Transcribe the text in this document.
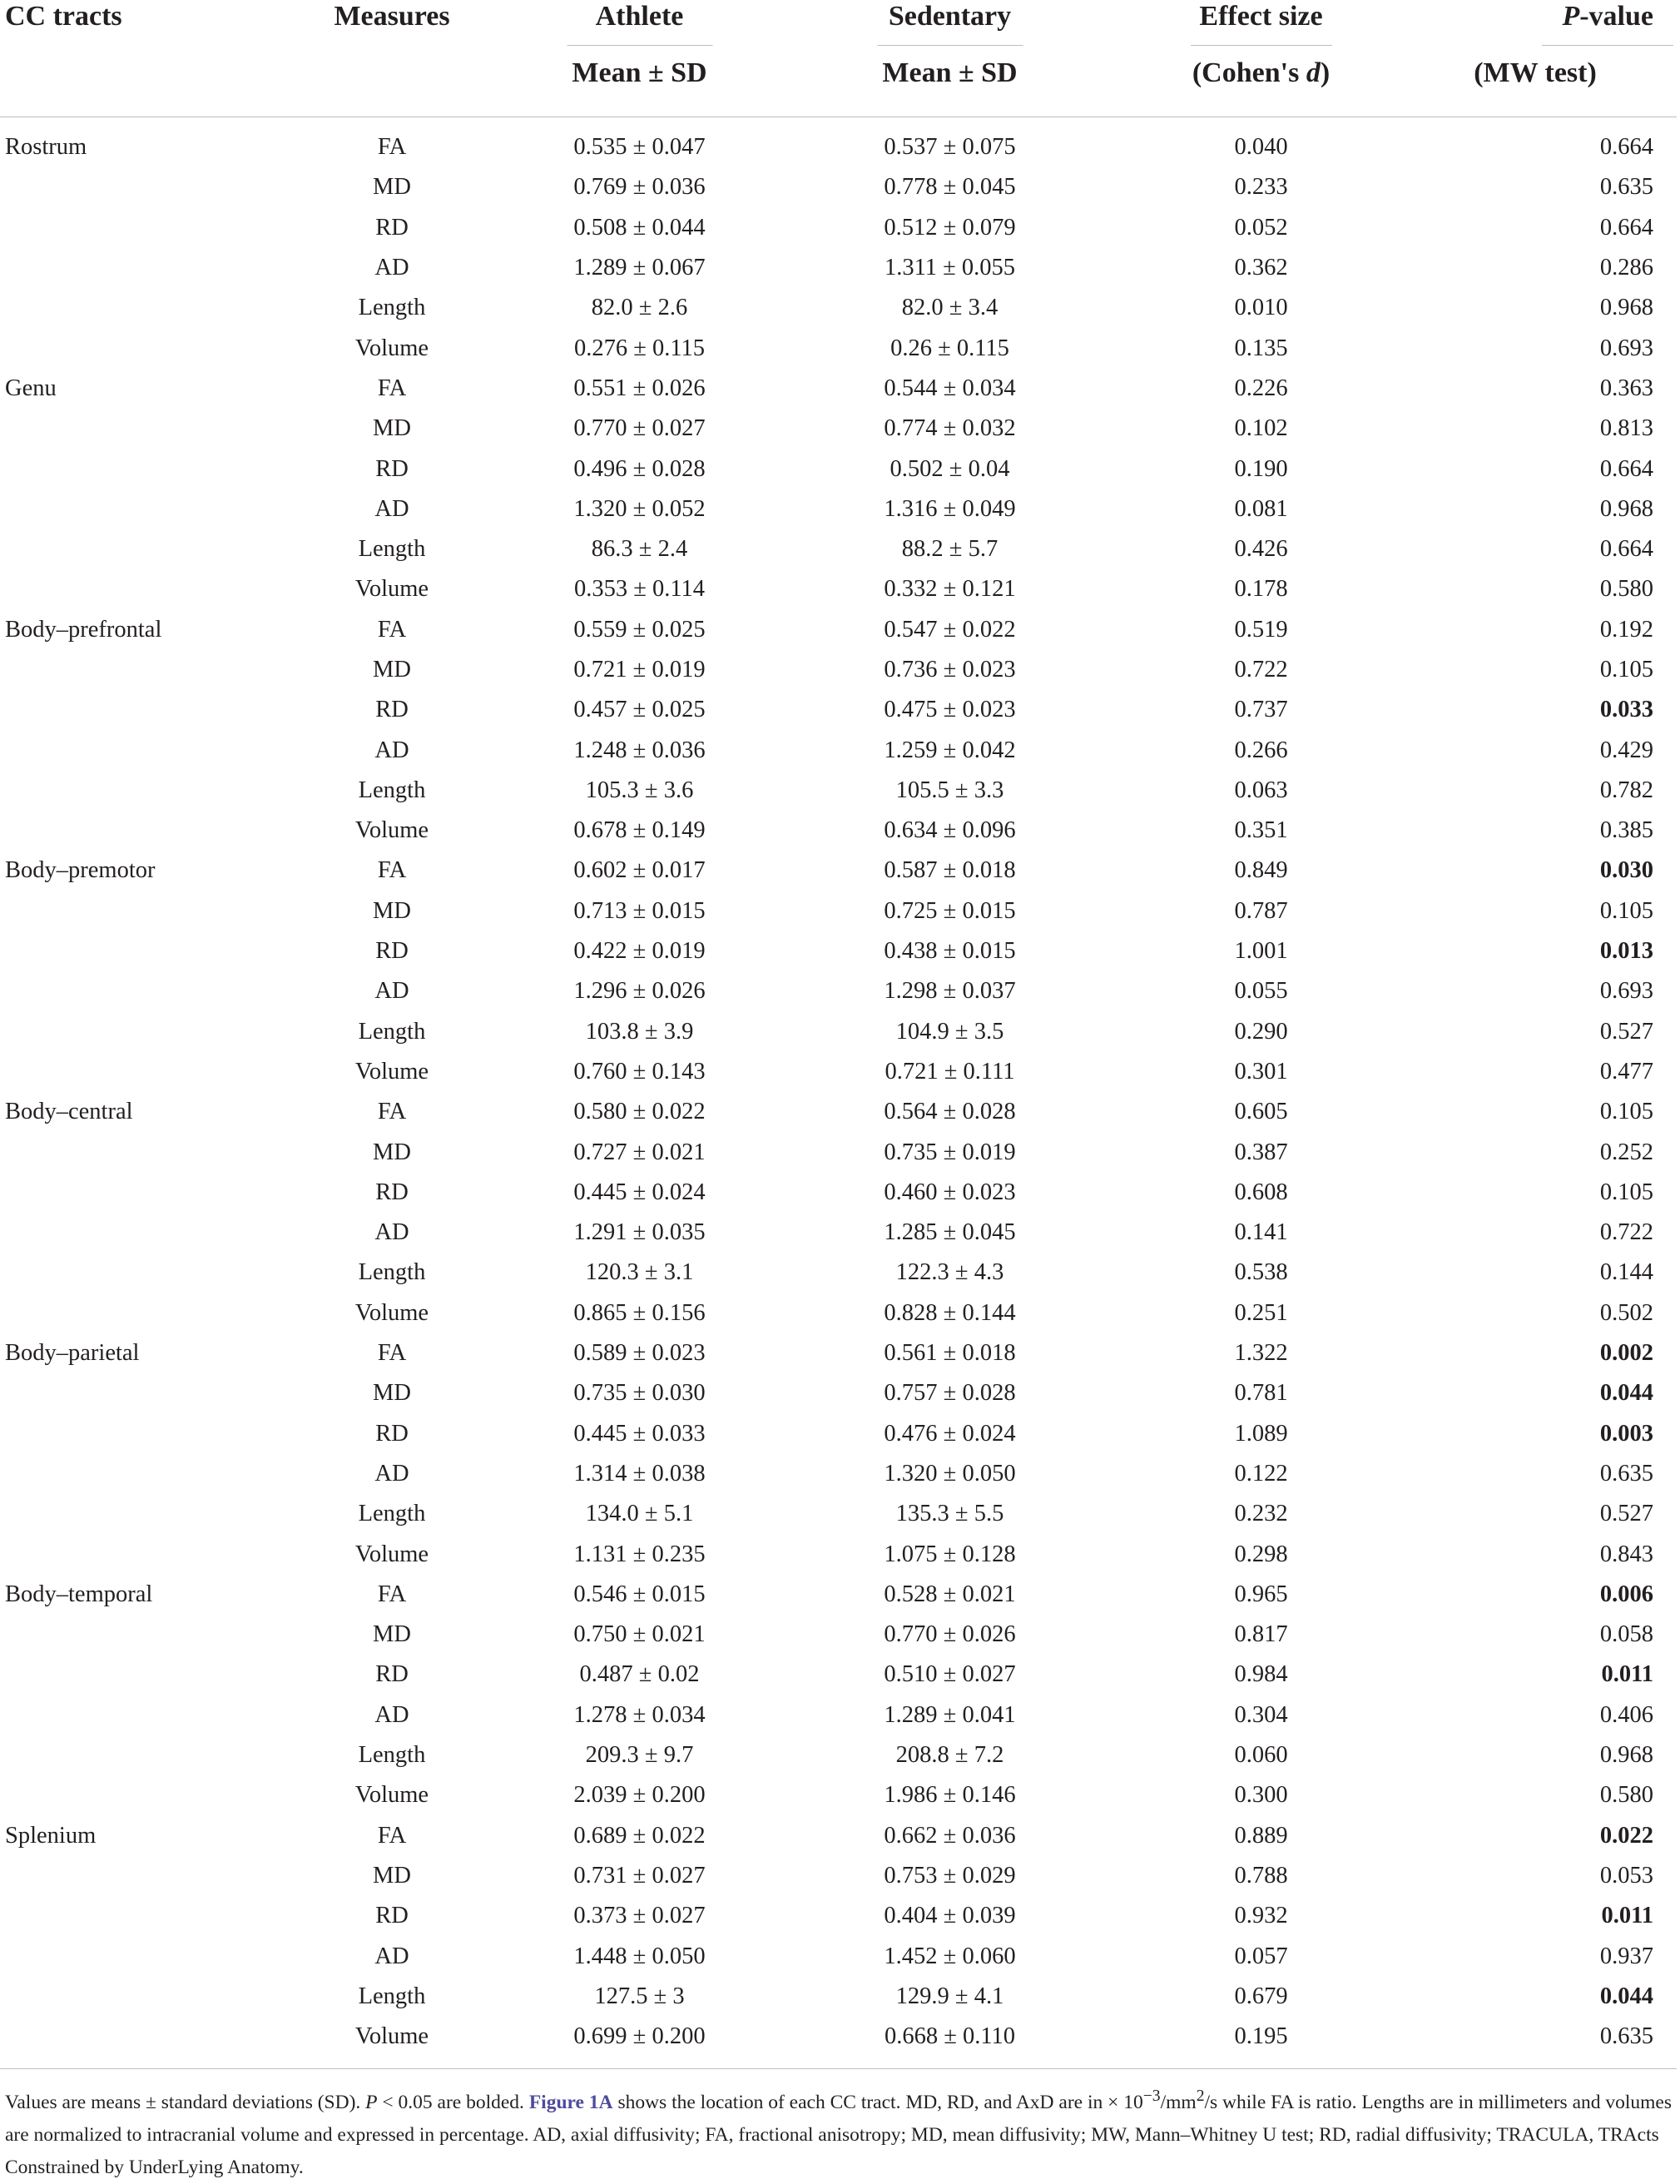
CC tracts	Measures	Athlete	Sedentary	Effect size	P-value

		Mean ± SD	Mean ± SD	(Cohen's d)	(MW test)
Rostrum	FA	0.535 ± 0.047	0.537 ± 0.075	0.040	0.664
	MD	0.769 ± 0.036	0.778 ± 0.045	0.233	0.635
	RD	0.508 ± 0.044	0.512 ± 0.079	0.052	0.664
	AD	1.289 ± 0.067	1.311 ± 0.055	0.362	0.286
	Length	82.0 ± 2.6	82.0 ± 3.4	0.010	0.968
	Volume	0.276 ± 0.115	0.26 ± 0.115	0.135	0.693
Genu	FA	0.551 ± 0.026	0.544 ± 0.034	0.226	0.363
	MD	0.770 ± 0.027	0.774 ± 0.032	0.102	0.813
	RD	0.496 ± 0.028	0.502 ± 0.04	0.190	0.664
	AD	1.320 ± 0.052	1.316 ± 0.049	0.081	0.968
	Length	86.3 ± 2.4	88.2 ± 5.7	0.426	0.664
	Volume	0.353 ± 0.114	0.332 ± 0.121	0.178	0.580
Body–prefrontal	FA	0.559 ± 0.025	0.547 ± 0.022	0.519	0.192
	MD	0.721 ± 0.019	0.736 ± 0.023	0.722	0.105
	RD	0.457 ± 0.025	0.475 ± 0.023	0.737	0.033
	AD	1.248 ± 0.036	1.259 ± 0.042	0.266	0.429
	Length	105.3 ± 3.6	105.5 ± 3.3	0.063	0.782
	Volume	0.678 ± 0.149	0.634 ± 0.096	0.351	0.385
Body–premotor	FA	0.602 ± 0.017	0.587 ± 0.018	0.849	0.030
	MD	0.713 ± 0.015	0.725 ± 0.015	0.787	0.105
	RD	0.422 ± 0.019	0.438 ± 0.015	1.001	0.013
	AD	1.296 ± 0.026	1.298 ± 0.037	0.055	0.693
	Length	103.8 ± 3.9	104.9 ± 3.5	0.290	0.527
	Volume	0.760 ± 0.143	0.721 ± 0.111	0.301	0.477
Body–central	FA	0.580 ± 0.022	0.564 ± 0.028	0.605	0.105
	MD	0.727 ± 0.021	0.735 ± 0.019	0.387	0.252
	RD	0.445 ± 0.024	0.460 ± 0.023	0.608	0.105
	AD	1.291 ± 0.035	1.285 ± 0.045	0.141	0.722
	Length	120.3 ± 3.1	122.3 ± 4.3	0.538	0.144
	Volume	0.865 ± 0.156	0.828 ± 0.144	0.251	0.502
Body–parietal	FA	0.589 ± 0.023	0.561 ± 0.018	1.322	0.002
	MD	0.735 ± 0.030	0.757 ± 0.028	0.781	0.044
	RD	0.445 ± 0.033	0.476 ± 0.024	1.089	0.003
	AD	1.314 ± 0.038	1.320 ± 0.050	0.122	0.635
	Length	134.0 ± 5.1	135.3 ± 5.5	0.232	0.527
	Volume	1.131 ± 0.235	1.075 ± 0.128	0.298	0.843
Body–temporal	FA	0.546 ± 0.015	0.528 ± 0.021	0.965	0.006
	MD	0.750 ± 0.021	0.770 ± 0.026	0.817	0.058
	RD	0.487 ± 0.02	0.510 ± 0.027	0.984	0.011
	AD	1.278 ± 0.034	1.289 ± 0.041	0.304	0.406
	Length	209.3 ± 9.7	208.8 ± 7.2	0.060	0.968
	Volume	2.039 ± 0.200	1.986 ± 0.146	0.300	0.580
Splenium	FA	0.689 ± 0.022	0.662 ± 0.036	0.889	0.022
	MD	0.731 ± 0.027	0.753 ± 0.029	0.788	0.053
	RD	0.373 ± 0.027	0.404 ± 0.039	0.932	0.011
	AD	1.448 ± 0.050	1.452 ± 0.060	0.057	0.937
	Length	127.5 ± 3	129.9 ± 4.1	0.679	0.044
	Volume	0.699 ± 0.200	0.668 ± 0.110	0.195	0.635
Values are means ± standard deviations (SD). P < 0.05 are bolded. Figure 1A shows the location of each CC tract. MD, RD, and AxD are in × $10^{-3}/mm^2/s$ while FA is ratio. Lengths are in millimeters and volumes are normalized to intracranial volume and expressed in percentage. AD, axial diffusivity; FA, fractional anisotropy; MD, mean diffusivity; MW, Mann–Whitney U test; RD, radial diffusivity; TRACULA, TRActs Constrained by UnderLying Anatomy.
